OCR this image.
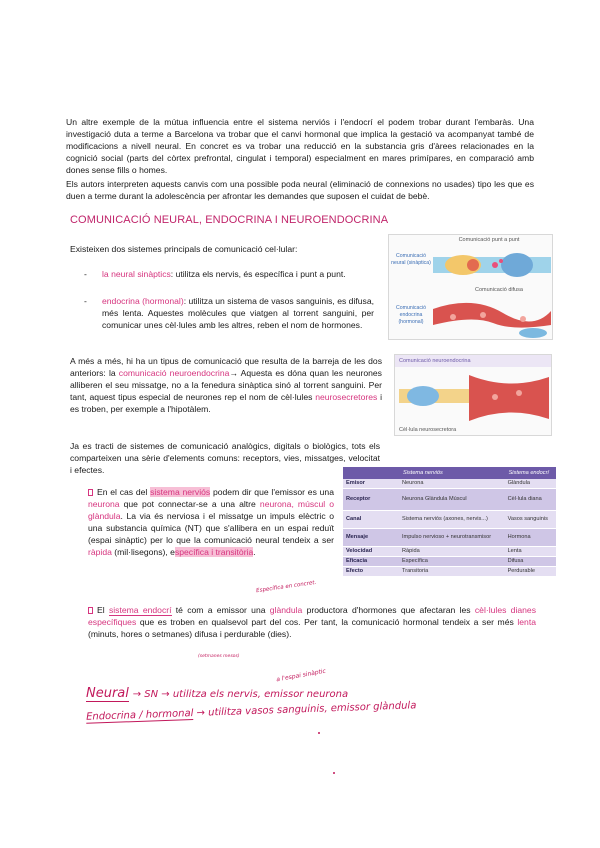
Un altre exemple de la mútua influencia entre el sistema nerviós i l'endocrí el podem trobar durant l'embaràs. Una investigació duta a terme a Barcelona va trobar que el canvi hormonal que implica la gestació va acompanyat també de modificacions a nivell neural. En concret es va trobar una reducció en la substancia gris d'àrees relacionades en la cognició social (parts del còrtex prefrontal, cingulat i temporal) especialment en mares primípares, en comparació amb dones sense fills o homes.

Els autors interpreten aquests canvis com una possible poda neural (eliminació de connexions no usades) tipo les que es duen a terme durant la adolescència per afrontar les demandes que suposen el cuidat de bebè.

COMUNICACIÓ NEURAL, ENDOCRINA I NEUROENDOCRINA

Existeixen dos sistemes principals de comunicació cel·lular:

- la neural sinàptics: utilitza els nervis, és específica i punt a punt.
- endocrina (hormonal): utilitza un sistema de vasos sanguinis, es difusa, més lenta. Aquestes molècules que viatgen al torrent sanguini, per comunicar unes cèl·lules amb les altres, reben el nom de hormones.
Comunicació punt a punt
Comunicació neural (sinàptica)
Comunicació difusa
Comunicació endocrina (hormonal)
A més a més, hi ha un tipus de comunicació que resulta de la barreja de les dos anteriors: la comunicació neuroendocrina→ Aquesta es dóna quan les neurones alliberen el seu missatge, no a la fenedura sinàptica sinó al torrent sanguini. Per tant, aquest tipus especial de neurones rep el nom de cèl·lules neurosecretores i es troben, per exemple a l'hipotàlem.
Comunicació neuroendocrina
Cèl·lula neurosecretora

Ja es tracti de sistemes de comunicació analògics, digitals o biològics, tots els comparteixen una sèrie d'elements comuns: receptors, vies, missatges, velocitat i efectes.

		Sistema nerviós	Sistema endocrí
Emisor	Neurona	Glàndula
Receptor	Neurona Glàndula Múscul	Cèl·lula diana
Canal	Sistema nerviós (axones, nervis...)	Vasos sanguinis
Mensaje	Impulso nervioso + neurotransmisor	Hormona
Velocidad	Ràpida	Lenta
Eficacia	Específica	Difusa
Efecto	Transitoria	Perdurable
En el cas del sistema nerviós podem dir que l'emissor es una neurona que pot connectar-se a una altre neurona, múscul o glàndula. La via és nerviosa i el missatge un impuls elèctric o una substancia química (NT) que s'allibera en un espai reduït (espai sinàptic) per lo que la comunicació neural tendeix a ser ràpida (mil·lisegons), específica i transitòria.
Específica en concret.
El sistema endocrí té com a emissor una glàndula productora d'hormones que afectaran les cèl·lules dianes específiques que es troben en qualsevol part del cos. Per tant, la comunicació hormonal tendeix a ser més lenta (minuts, hores o setmanes) difusa i perdurable (dies).
(setmanes mesos)
a l'espai sinàptic
Neural → SN → utilitza els nervis, emissor neurona
Endocrina / hormonal → utilitza vasos sanguinis, emissor glàndula
